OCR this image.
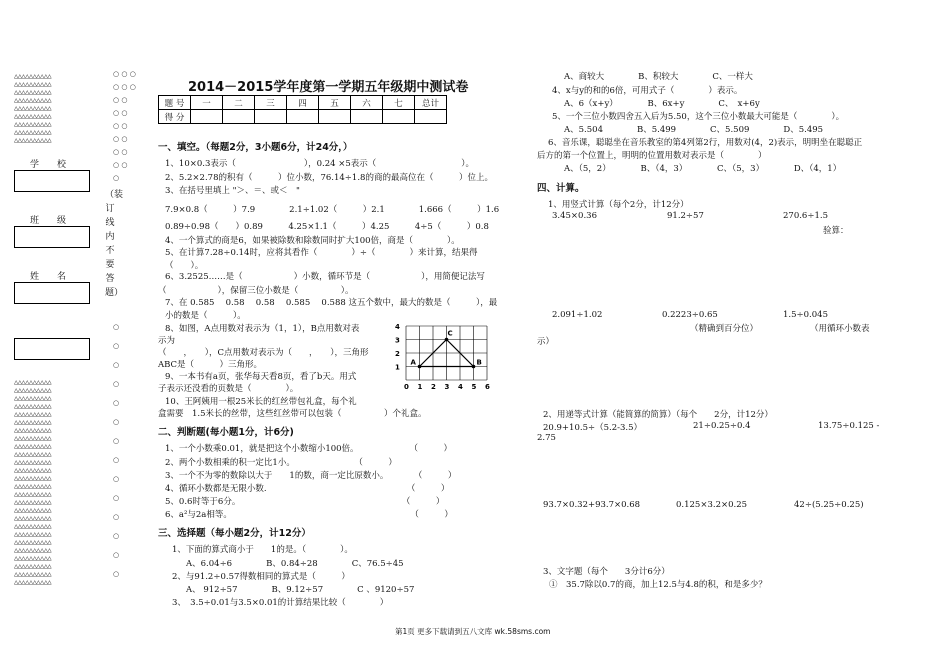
△△△△△△△△△△
△△△△△△△△△△
△△△△△△△△△△
△△△△△△△△△△
△△△△△△△△△△
△△△△△△△△△△
△△△△△△△△△△
△△△△△△△△△△
△△△△△△△△△△
学　　校
班　　级
姓　　名
△△△△△△△△△△
△△△△△△△△△△
△△△△△△△△△△
△△△△△△△△△△
△△△△△△△△△△
△△△△△△△△△△
△△△△△△△△△△
△△△△△△△△△△
△△△△△△△△△△
△△△△△△△△△△
△△△△△△△△△△
△△△△△△△△△△
△△△△△△△△△△
△△△△△△△△△△
△△△△△△△△△△
△△△△△△△△△△
△△△△△△△△△△
△△△△△△△△△△
△△△△△△△△△△
△△△△△△△△△△
△△△△△△△△△△
△△△△△△△△△△
△△△△△△△△△△
△△△△△△△△△△
△△△△△△△△△△
△△△△△△△△△△
○ ○ ○
○ ○ ○
○ ○
○ ○
○ ○
○ ○
○ ○
○ ○
○
（装订线内不要答题）
○
○
○
○
○
○
○
○
○
○
○
○
○
○
2014－2015学年度第一学期五年级期中测试卷
题 号	一	二	三	四	五	六	七	总计
得 分								
一、填空。（每题2分，3小题6分，计24分，）
1、10×0.3表示（　　　　　　　　），0.24 ×5表示（　　　　　　　　　　）。
2、5.2×2.78的积有（　　　）位小数，76.14÷1.8的商的最高位在（　　　）位上。
3、在括号里填上 "＞、＝、或＜　"
7.9×0.8（　　　）7.9　　　　2.1÷1.02（　　　）2.1　　　　1.666（　　　）1.6
0.89÷0.98（　　）0.89　　　4.25×1.1（　　　）4.25　　　4÷5（　　　）0.8
4、一个算式的商是6，如果被除数和除数同时扩大100倍，商是（　　　　）。
5、在计算7.28÷0.14时，应将其看作（　　　　）÷（　　　　）来计算，结果得（　　）。
6、3.2525……是（　　　　　　）小数，循环节是（　　　　　　），用简便记法写
（　　　　　　），保留三位小数是（　　　　　）。
7、在 0.585　 0.58　 0.58　 0.585　 0.588 这五个数中，最大的数是（　　　），最小的数是（　　　）。
8、如图，A点用数对表示为（1，1），B点用数对表
示为
（　　，　　），C点用数对表示为（　　，　　），三角形
ABC是（　　　）三角形。
9、一本书有a页，张华每天看8页，看了b天。用式
子表示还没看的页数是（　　　　）。
10、王阿姨用一根25米长的红丝带包礼盒，每个礼
盒需要　1.5米长的丝带，这些红丝带可以包装（　　　　　）个礼盒。
1
2
3
4
0 1 2 3 4 5 6
A
C
B
二、判断题(每小题1分，计6分)
1、一个小数乘0.01，就是把这个小数缩小100倍。　　　　　　　（　　　）
2、两个小数相乘的积一定比1小。　　　　　　　　（　　　）
3、一个不为零的数除以大于　　1的数，商一定比原数小。　　　　（　　　）
4、循环小数都是无限小数.　　　　　　　　　　　　　　　　　（　　　）
5、0.6时等于6分。　　　　　　　　　　　　　　　　　　　　（　　　）
6、a²与2a相等。　　　　　　　　　　　　　　　　　　　　　　（　　　）
三、选择题（每小题2分，计12分）
1、下面的算式商小于　　1的是。（　　　　）。
A、6.04÷6　　　　B、0.84÷28　　　　C、76.5÷45
2、与91.2÷0.57得数相同的算式是（　　　）
A、 912÷57　　　　B、9.12÷57　　　　C 、9120÷57
3、　3.5÷0.01与3.5×0.01的计算结果比较（　　　　）
A、商较大　　　　B、积较大　　　　C、一样大
4、x与y的和的6倍，可用式子（　　　　）表示。
A、6（x+y）　　　　B、6x+y　　　　C、　x+6y
5、一个三位小数四舍五入后为5.50，这个三位小数最大可能是（　　　　）。
A、5.504　　　　B、5.499　　　　C、5.509　　　　D、5.495
6、音乐课，聪聪坐在音乐教室的第4列第2行，用数对(4，2)表示，明明坐在聪聪正
后方的第一个位置上，明明的位置用数对表示是（　　　　）
A、（5，2）　　　　B、（4，3）　　　　C、（5，3）　　　　D、（4，1）
四、计算。
1、用竖式计算（每个2分，计12分）
3.45×0.36	91.2÷57	270.6÷1.5
验算：
2.091÷1.02	0.2223÷0.65	1.5÷0.045
（精确到百分位）	（用循环小数表
示）
2、用递等式计算（能简算的简算）（每个　　2分，计12分）
20.9+10.5÷（5.2-3.5）	21÷0.25÷0.4	13.75÷0.125 -
2.75
93.7×0.32+93.7×0.68	0.125×3.2×0.25	42÷(5.25÷0.25)
3、文字题（每个　　3分计6分）
①　35.7除以0.7的商，加上12.5与4.8的积，和是多少？
第1页 更多下载请到五八文库 wk.58sms.com
